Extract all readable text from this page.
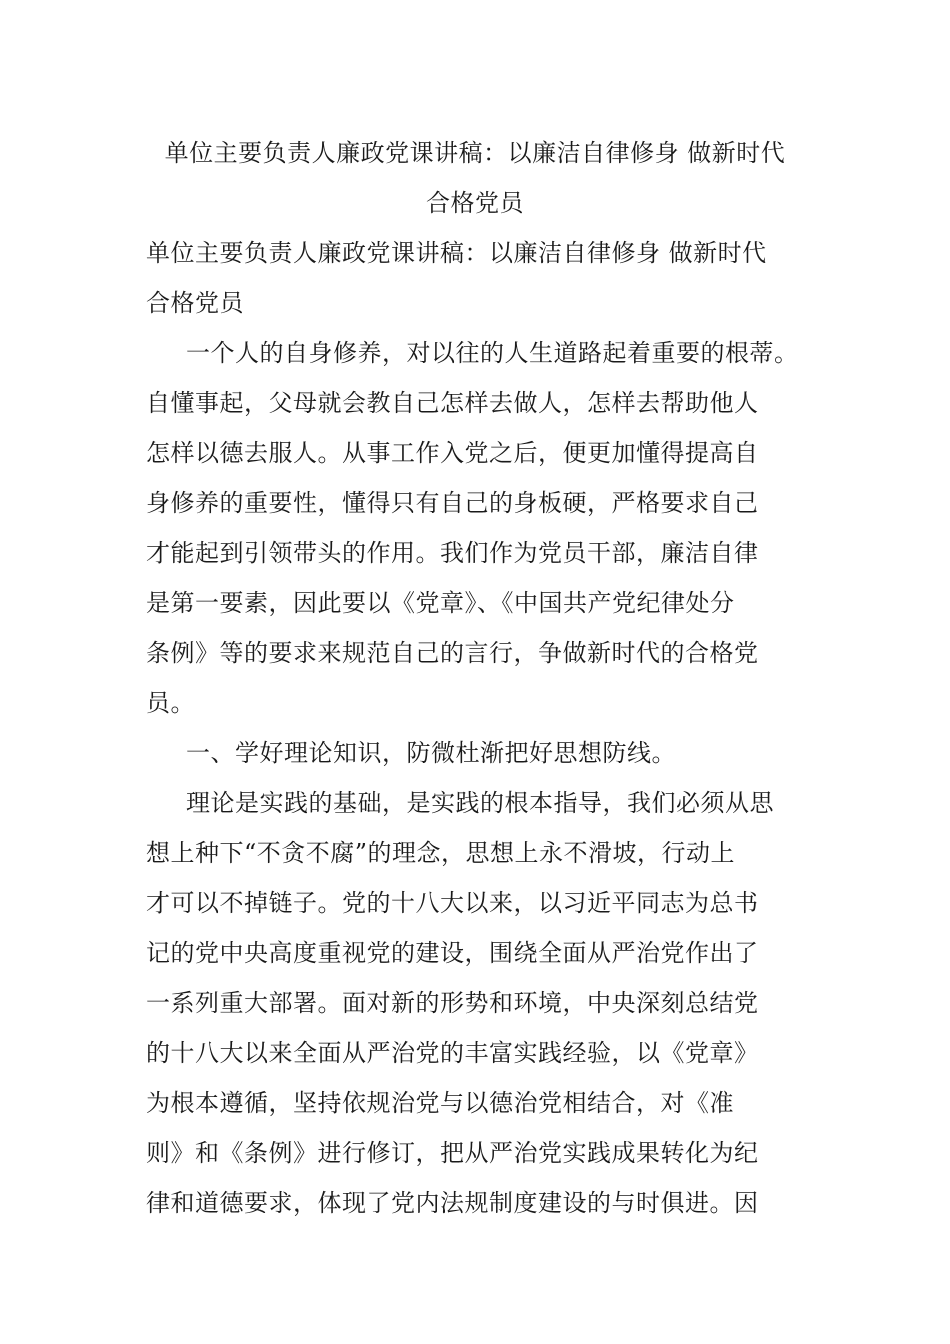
单位主要负责人廉政党课讲稿：以廉洁自律修身 做新时代
合格党员
单位主要负责人廉政党课讲稿：以廉洁自律修身 做新时代
合格党员
一个人的自身修养，对以往的人生道路起着重要的根蒂。
自懂事起，父母就会教自己怎样去做人，怎样去帮助他人
怎样以德去服人。从事工作入党之后，便更加懂得提高自
身修养的重要性，懂得只有自己的身板硬，严格要求自己
才能起到引领带头的作用。我们作为党员干部，廉洁自律
是第一要素，因此要以《党章》、《中国共产党纪律处分
条例》等的要求来规范自己的言行，争做新时代的合格党
员。
一、学好理论知识，防微杜渐把好思想防线。
理论是实践的基础，是实践的根本指导，我们必须从思
想上种下“不贪不腐”的理念，思想上永不滑坡，行动上
才可以不掉链子。党的十八大以来，以习近平同志为总书
记的党中央高度重视党的建设，围绕全面从严治党作出了
一系列重大部署。面对新的形势和环境，中央深刻总结党
的十八大以来全面从严治党的丰富实践经验，以《党章》
为根本遵循，坚持依规治党与以德治党相结合，对《准
则》和《条例》进行修订，把从严治党实践成果转化为纪
律和道德要求，体现了党内法规制度建设的与时俱进。因
